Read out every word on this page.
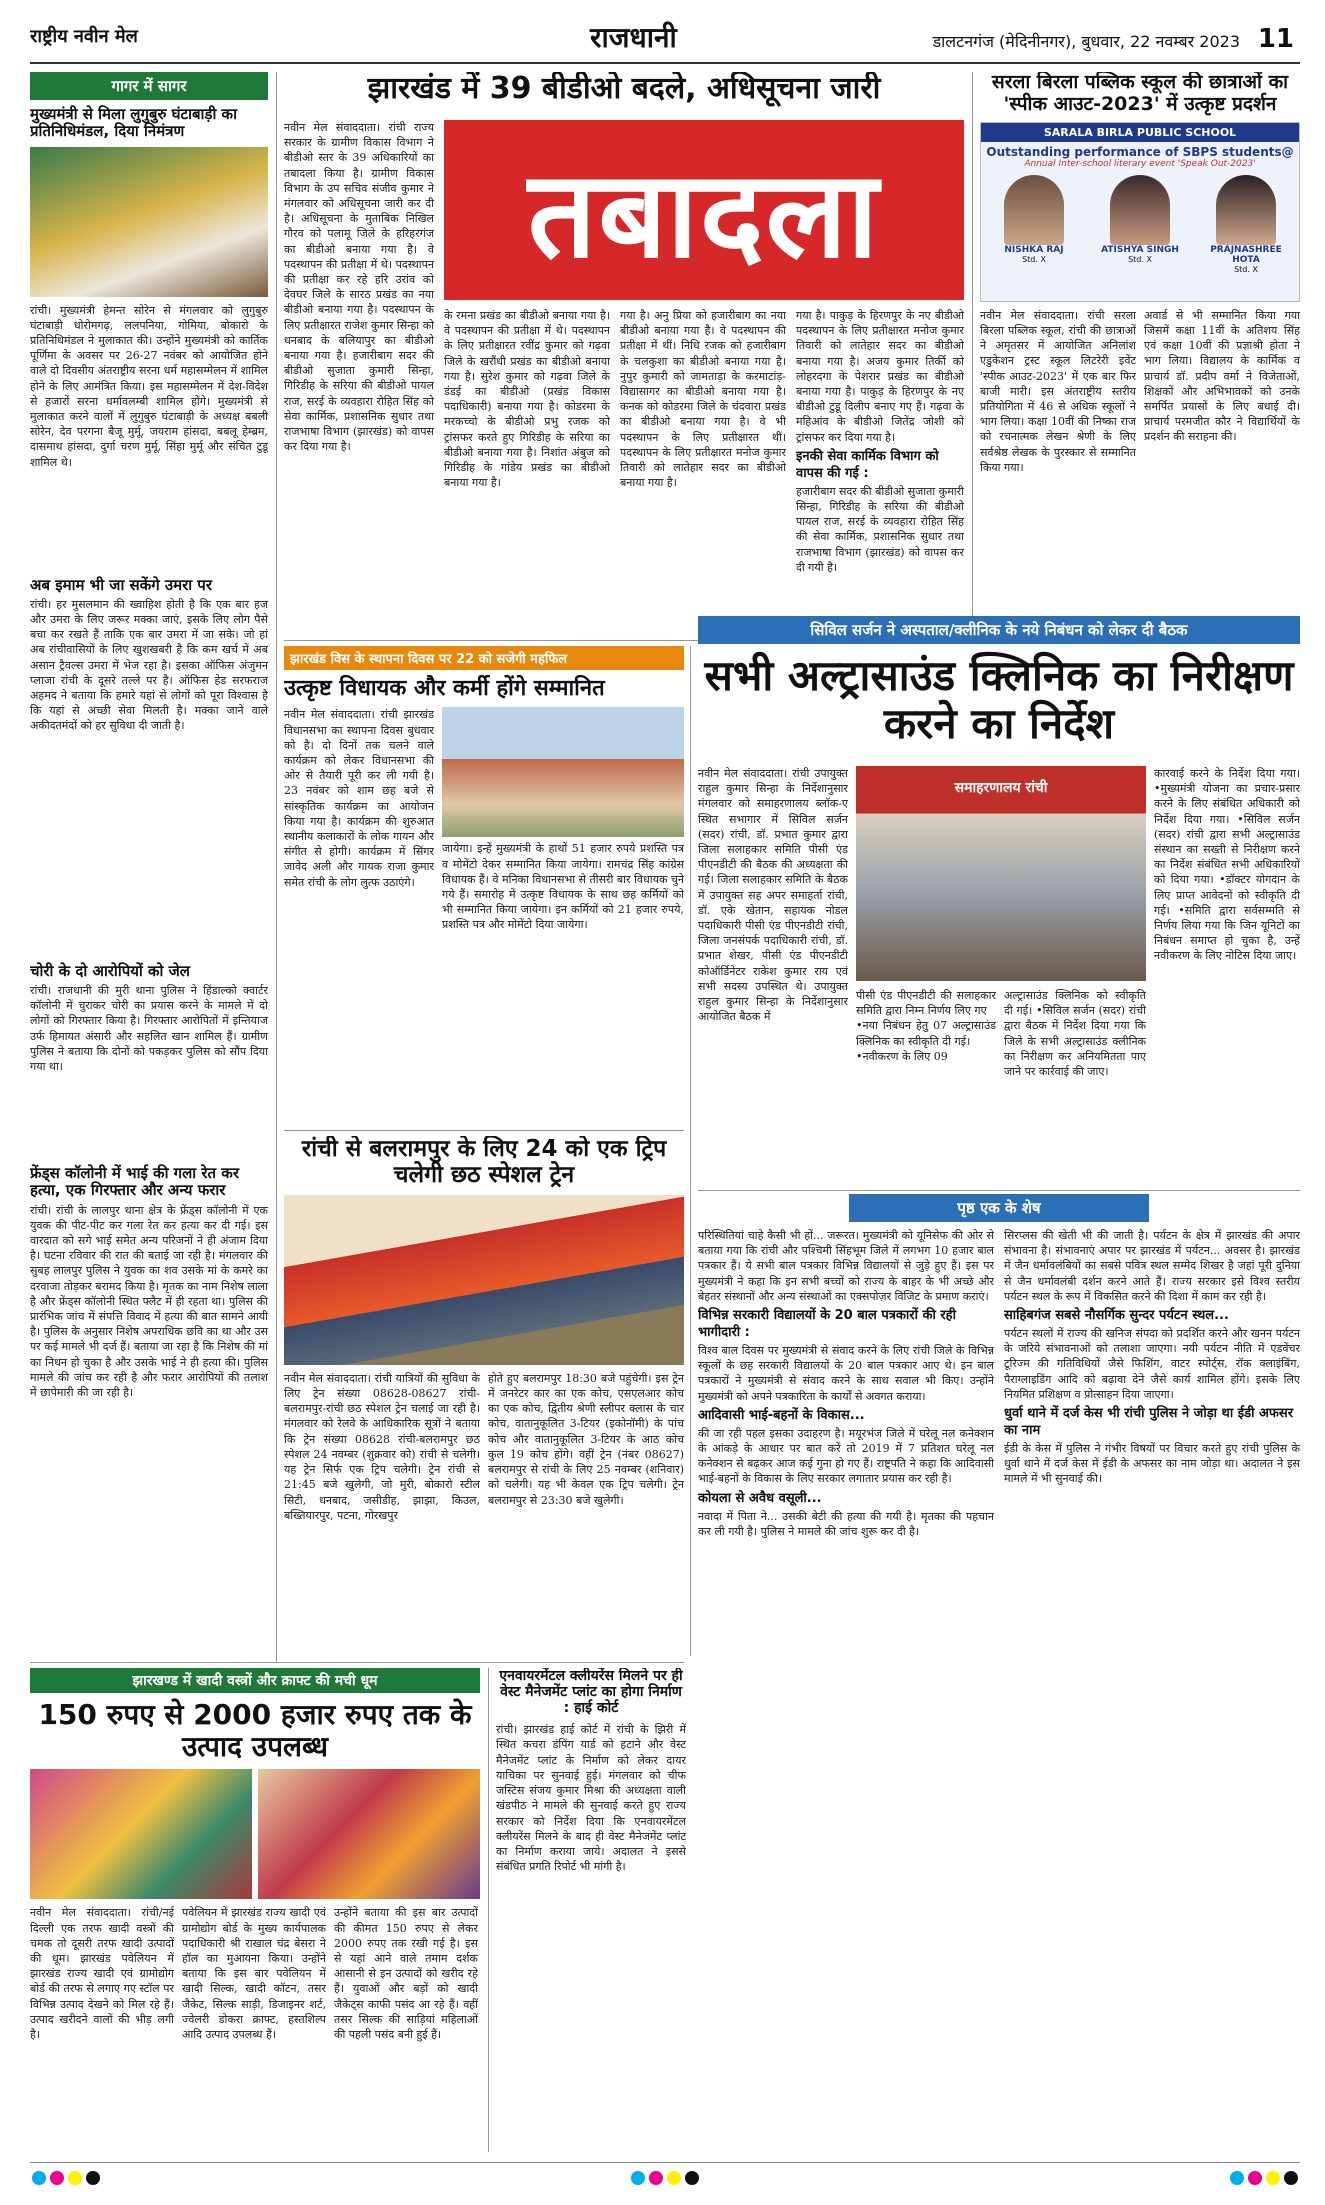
राष्ट्रीय नवीन मेल	राजधानी	डालटनगंज (मेदिनीनगर), बुधवार, 22 नवम्बर 2023 11
गागर में सागर
मुख्यमंत्री से मिला लुगुबुरु घंटाबाड़ी का प्रतिनिधिमंडल, दिया निमंत्रण
रांची। मुख्यमंत्री हेमन्त सोरेन से मंगलवार को लुगुबुरु घंटाबाड़ी धोरोमगढ़, ललपनिया, गोमिया, बोकारो के प्रतिनिधिमंडल ने मुलाकात की। उन्होंने मुख्यमंत्री को कार्तिक पूर्णिमा के अवसर पर 26-27 नवंबर को आयोजित होने वाले दो दिवसीय अंतराष्ट्रीय सरना धर्म महासम्मेलन में शामिल होने के लिए आमंत्रित किया। इस महासम्मेलन में देश-विदेश से हजारों सरना धर्मावलम्बी शामिल होंगे। मुख्यमंत्री से मुलाकात करने वालों में लुगुबुरु घंटाबाड़ी के अध्यक्ष बबली सोरेन, देव परगना बैजू मुर्मू, जयराम हांसदा, बबलू हेम्ब्रम, दासमाथ हांसदा, दुर्गा चरण मुर्मू, सिंहा मुर्मू और संचित टुडू शामिल थे।
अब इमाम भी जा सकेंगे उमरा पर
रांची। हर मुसलमान की ख्वाहिश होती है कि एक बार हज और उमरा के लिए जरूर मक्का जाएं, इसके लिए लोग पैसे बचा कर रखते हैं ताकि एक बार उमरा में जा सके। जो हां अब रांचीवासियों के लिए खुशखबरी है कि कम खर्च में अब असान ट्रैवल्स उमरा में भेज रहा है। इसका ऑफिस अंजुमन प्लाजा रांची के दूसरे तल्ले पर है। ऑफिस हेड सरफराज अहमद ने बताया कि हमारे यहां से लोगों को पूरा विश्वास है कि यहां से अच्छी सेवा मिलती है। मक्का जाने वाले अकीदतमंदों को हर सुविधा दी जाती है।
चोरी के दो आरोपियों को जेल
रांची। राजधानी की मुरी थाना पुलिस ने हिंडाल्को क्वार्टर कॉलोनी में चुराकर चोरी का प्रयास करने के मामले में दो लोगों को गिरफ्तार किया है। गिरफ्तार आरोपितों में इन्तियाज उर्फ हिमायत अंसारी और सहलित खान शामिल हैं। ग्रामीण पुलिस ने बताया कि दोनों को पकड़कर पुलिस को सौंप दिया गया था।
फ्रेंड्स कॉलोनी में भाई की गला रेत कर हत्या, एक गिरफ्तार और अन्य फरार
रांची। रांची के लालपुर थाना क्षेत्र के फ्रेंड्स कॉलोनी में एक युवक की पीट-पीट कर गला रेत कर हत्या कर दी गई। इस वारदात को सगे भाई समेत अन्य परिजनों ने ही अंजाम दिया है। घटना रविवार की रात की बताई जा रही है। मंगलवार की सुबह लालपुर पुलिस ने युवक का शव उसके मां के कमरे का दरवाजा तोड़कर बरामद किया है। मृतक का नाम निशेष लाला है और फ्रेंड्स कॉलोनी स्थित फ्लैट में ही रहता था। पुलिस की प्रारंभिक जांच में संपत्ति विवाद में हत्या की बात सामने आयी है। पुलिस के अनुसार निशेष अपराधिक छवि का था और उस पर कई मामले भी दर्ज हैं। बताया जा रहा है कि निशेष की मां का निधन हो चुका है और उसके भाई ने ही हत्या की। पुलिस मामले की जांच कर रही है और फरार आरोपियों की तलाश में छापेमारी की जा रही है।
झारखंड में 39 बीडीओ बदले, अधिसूचना जारी
नवीन मेल संवाददाता। रांची राज्य सरकार के ग्रामीण विकास विभाग ने बीडीओ स्तर के 39 अधिकारियों का तबादला किया है। ग्रामीण विकास विभाग के उप सचिव संजीव कुमार ने मंगलवार को अधिसूचना जारी कर दी है। अधिसूचना के मुताबिक निखिल गौरव को पलामू जिले के हरिहरगंज का बीडीओ बनाया गया है। वे पदस्थापन की प्रतीक्षा में थे। पदस्थापन की प्रतीक्षा कर रहे हरि उरांव को देवघर जिले के सारठ प्रखंड का नया बीडीओ बनाया गया है। पदस्थापन के लिए प्रतीक्षारत राजेश कुमार सिन्हा को धनबाद के बलियापुर का बीडीओ बनाया गया है। हजारीबाग सदर की बीडीओ सुजाता कुमारी सिन्हा, गिरिडीह के सरिया की बीडीओ पायल राज, सरई के व्यवहारा रोहित सिंह को सेवा कार्मिक, प्रशासनिक सुधार तथा राजभाषा विभाग (झारखंड) को वापस कर दिया गया है।
तबादला
के रमना प्रखंड का बीडीओ बनाया गया है। वे पदस्थापन की प्रतीक्षा में थे। पदस्थापन के लिए प्रतीक्षारत रवींद्र कुमार को गढ़वा जिले के खरौंधी प्रखंड का बीडीओ बनाया गया है। सुरेश कुमार को गढ़वा जिले के डंडई का बीडीओ (प्रखंड विकास पदाधिकारी) बनाया गया है। कोडरमा के मरकच्चो के बीडीओ प्रभु रजक को ट्रांसफर करते हुए गिरिडीह के सरिया का बीडीओ बनाया गया है। निशांत अंबुज को गिरिडीह के गांडेय प्रखंड का बीडीओ बनाया गया है।
गया है। अनु प्रिया को हजारीबाग का नया बीडीओ बनाया गया है। वे पदस्थापन की प्रतीक्षा में थीं। निधि रजक को हजारीबाग के चलकुशा का बीडीओ बनाया गया है। नुपुर कुमारी को जामताड़ा के करमाटांड़-विद्यासागर का बीडीओ बनाया गया है। कनक को कोडरमा जिले के चंदवारा प्रखंड का बीडीओ बनाया गया है। वे भी पदस्थापन के लिए प्रतीक्षारत थीं। पदस्थापन के लिए प्रतीक्षारत मनोज कुमार तिवारी को लातेहार सदर का बीडीओ बनाया गया है।
गया है। पाकुड़ के हिरणपुर के नए बीडीओ पदस्थापन के लिए प्रतीक्षारत मनोज कुमार तिवारी को लातेहार सदर का बीडीओ बनाया गया है। अजय कुमार तिर्की को लोहरदगा के पेशरार प्रखंड का बीडीओ बनाया गया है। पाकुड़ के हिरणपुर के नए बीडीओ टुडू दिलीप बनाए गए हैं। गढ़वा के महिआंव के बीडीओ जितेंद्र जोशी को ट्रांसफर कर दिया गया है।
इनकी सेवा कार्मिक विभाग को वापस की गई :
हजारीबाग सदर की बीडीओ सुजाता कुमारी सिन्हा, गिरिडीह के सरिया की बीडीओ पायल राज, सरई के व्यवहारा रोहित सिंह की सेवा कार्मिक, प्रशासनिक सुधार तथा राजभाषा विभाग (झारखंड) को वापस कर दी गयी है।
सरला बिरला पब्लिक स्कूल की छात्राओं का 'स्पीक आउट-2023' में उत्कृष्ट प्रदर्शन
SARALA BIRLA PUBLIC SCHOOL
Outstanding performance of SBPS students@
Annual Inter-school literary event 'Speak Out-2023'
NISHKA RAJ
Std. X
ATISHYA SINGH
Std. X
PRAJNASHREE HOTA
Std. X
नवीन मेल संवाददाता। रांची सरला बिरला पब्लिक स्कूल, रांची की छात्राओं ने अमृतसर में आयोजित अनिलांश एडुकेशन ट्रस्ट स्कूल लिटरेरी इवेंट 'स्पीक आउट-2023' में एक बार फिर बाजी मारी। इस अंतराष्ट्रीय स्तरीय प्रतियोगिता में 46 से अधिक स्कूलों ने भाग लिया। कक्षा 10वीं की निष्का राज को रचनात्मक लेखन श्रेणी के लिए सर्वश्रेष्ठ लेखक के पुरस्कार से सम्मानित किया गया।
अवार्ड से भी सम्मानित किया गया जिसमें कक्षा 11वीं के अतिशय सिंह एवं कक्षा 10वीं की प्रज्ञाश्री होता ने भाग लिया। विद्यालय के कार्मिक व प्राचार्य डॉ. प्रदीप वर्मा ने विजेताओं, शिक्षकों और अभिभावकों को उनके समर्पित प्रयासों के लिए बधाई दी। प्राचार्य परमजीत कौर ने विद्यार्थियों के प्रदर्शन की सराहना की।
झारखंड विस के स्थापना दिवस पर 22 को सजेगी महफिल
उत्कृष्ट विधायक और कर्मी होंगे सम्मानित
नवीन मेल संवाददाता। रांची झारखंड विधानसभा का स्थापना दिवस बुधवार को है। दो दिनों तक चलने वाले कार्यक्रम को लेकर विधानसभा की ओर से तैयारी पूरी कर ली गयी है। 23 नवंबर को शाम छह बजे से सांस्कृतिक कार्यक्रम का आयोजन किया गया है। कार्यक्रम की शुरुआत स्थानीय कलाकारों के लोक गायन और संगीत से होगी। कार्यक्रम में सिंगर जावेद अली और गायक राजा कुमार समेत रांची के लोग लुत्फ उठाएंगे।
जायेगा। इन्हें मुख्यमंत्री के हाथों 51 हजार रुपये प्रशस्ति पत्र व मोमेंटो देकर सम्मानित किया जायेगा। रामचंद्र सिंह कांग्रेस विधायक हैं। वे मनिका विधानसभा से तीसरी बार विधायक चुने गये हैं। समारोह में उत्कृष्ट विधायक के साथ छह कर्मियों को भी सम्मानित किया जायेगा। इन कर्मियों को 21 हजार रुपये, प्रशस्ति पत्र और मोमेंटो दिया जायेगा।
सिविल सर्जन ने अस्पताल/क्लीनिक के नये निबंधन को लेकर दी बैठक
सभी अल्ट्रासाउंड क्लिनिक का निरीक्षण करने का निर्देश
नवीन मेल संवाददाता। रांची उपायुक्त राहुल कुमार सिन्हा के निर्देशानुसार मंगलवार को समाहरणालय ब्लॉक-ए स्थित सभागार में सिविल सर्जन (सदर) रांची, डॉ. प्रभात कुमार द्वारा जिला सलाहकार समिति पीसी एंड पीएनडीटी की बैठक की अध्यक्षता की गई। जिला सलाहकार समिति के बैठक में उपायुक्त सह अपर समाहर्ता रांची, डॉ. एके खेतान, सहायक नोडल पदाधिकारी पीसी एंड पीएनडीटी रांची, जिला जनसंपर्क पदाधिकारी रांची, डॉ. प्रभात शेखर, पीसी एंड पीएनडीटी कोऑर्डिनेटर राकेश कुमार राय एवं सभी सदस्य उपस्थित थे। उपायुक्त राहुल कुमार सिन्हा के निर्देशानुसार आयोजित बैठक में
समाहरणालय रांची
पीसी एंड पीएनडीटी की सलाहकार समिति द्वारा निम्न निर्णय लिए गए
•नया निबंधन हेतु 07 अल्ट्रासाउंड क्लिनिक का स्वीकृति दी गई।
•नवीकरण के लिए 09
अल्ट्रासाउंड क्लिनिक को स्वीकृति दी गई। •सिविल सर्जन (सदर) रांची द्वारा बैठक में निर्देश दिया गया कि जिले के सभी अल्ट्रासाउंड क्लीनिक का निरीक्षण कर अनियमितता पाए जाने पर कार्रवाई की जाए।
कारवाई करने के निर्देश दिया गया। •मुख्यमंत्री योजना का प्रचार-प्रसार करने के लिए संबंधित अधिकारी को निर्देश दिया गया। •सिविल सर्जन (सदर) रांची द्वारा सभी अल्ट्रासाउंड संस्थान का सख्ती से निरीक्षण करने का निर्देश संबंधित सभी अधिकारियों को दिया गया। •डॉक्टर योगदान के लिए प्राप्त आवेदनों को स्वीकृति दी गई। •समिति द्वारा सर्वसम्मति से निर्णय लिया गया कि जिन यूनिटों का निबंधन समाप्त हो चुका है, उन्हें नवीकरण के लिए नोटिस दिया जाए।
रांची से बलरामपुर के लिए 24 को एक ट्रिप चलेगी छठ स्पेशल ट्रेन
नवीन मेल संवाददाता। रांची यात्रियों की सुविधा के लिए ट्रेन संख्या 08628-08627 रांची-बलरामपुर-रांची छठ स्पेशल ट्रेन चलाई जा रही है। मंगलवार को रेलवे के आधिकारिक सूत्रों ने बताया कि ट्रेन संख्या 08628 रांची-बलरामपुर छठ स्पेशल 24 नवम्बर (शुक्रवार को) रांची से चलेगी। यह ट्रेन सिर्फ एक ट्रिप चलेगी। ट्रेन रांची से 21:45 बजे खुलेगी, जो मुरी, बोकारो स्टील सिटी, धनबाद, जसीडीह, झाझा, किउल, बख्तियारपुर, पटना, गोरखपुर
होते हुए बलरामपुर 18:30 बजे पहुंचेगी। इस ट्रेन में जनरेटर कार का एक कोच, एसएलआर कोच का एक कोच, द्वितीय श्रेणी स्लीपर क्लास के चार कोच, वातानुकूलित 3-टियर (इकोनॉमी) के पांच कोच और वातानुकूलित 3-टियर के आठ कोच कुल 19 कोच होंगे। वहीं ट्रेन (नंबर 08627) बलरामपुर से रांची के लिए 25 नवम्बर (शनिवार) को चलेगी। यह भी केवल एक ट्रिप चलेगी। ट्रेन बलरामपुर से 23:30 बजे खुलेगी।
पृष्ठ एक के शेष
परिस्थितियां चाहे कैसी भी हों... जरूरत। मुख्यमंत्री को यूनिसेफ की ओर से बताया गया कि रांची और पश्चिमी सिंहभूम जिले में लगभग 10 हजार बाल पत्रकार हैं। ये सभी बाल पत्रकार विभिन्न विद्यालयों से जुड़े हुए हैं। इस पर मुख्यमंत्री ने कहा कि इन सभी बच्चों को राज्य के बाहर के भी अच्छे और बेहतर संस्थानों और अन्य संस्थाओं का एक्सपोज़र विजिट के प्रमाण कराएं।
विभिन्न सरकारी विद्यालयों के 20 बाल पत्रकारों की रही भागीदारी :
विश्व बाल दिवस पर मुख्यमंत्री से संवाद करने के लिए रांची जिले के विभिन्न स्कूलों के छह सरकारी विद्यालयों के 20 बाल पत्रकार आए थे। इन बाल पत्रकारों ने मुख्यमंत्री से संवाद करने के साथ सवाल भी किए। उन्होंने मुख्यमंत्री को अपने पत्रकारिता के कार्यों से अवगत कराया।
आदिवासी भाई-बहनों के विकास...
की जा रही पहल इसका उदाहरण है। मयूरभंज जिले में घरेलू नल कनेक्शन के आंकड़े के आधार पर बात करें तो 2019 में 7 प्रतिशत घरेलू नल कनेक्शन से बढ़कर आज कई गुना हो गए हैं। राष्ट्रपति ने कहा कि आदिवासी भाई-बहनों के विकास के लिए सरकार लगातार प्रयास कर रही है।
कोयला से अवैध वसूली...
नवादा में पिता ने... उसकी बेटी की हत्या की गयी है। मृतका की पहचान कर ली गयी है। पुलिस ने मामले की जांच शुरू कर दी है।
सिरप्लस की खेती भी की जाती है। पर्यटन के क्षेत्र में झारखंड की अपार संभावना है। संभावनाएं अपार पर झारखंड में पर्यटन... अवसर है। झारखंड में जैन धर्मावलंबियों का सबसे पवित्र स्थल सम्मेद शिखर है जहां पूरी दुनिया से जैन धर्मावलंबी दर्शन करने आते हैं। राज्य सरकार इसे विश्व स्तरीय पर्यटन स्थल के रूप में विकसित करने की दिशा में काम कर रही है।
साहिबगंज सबसे नौसर्गिक सुन्दर पर्यटन स्थल...
पर्यटन स्थलों में राज्य की खनिज संपदा को प्रदर्शित करने और खनन पर्यटन के जरिये संभावनाओं को तलाशा जाएगा। नयी पर्यटन नीति में एडवेंचर टूरिज्म की गतिविधियों जैसे फिशिंग, वाटर स्पोर्ट्स, रॉक क्लाइंबिंग, पैराग्लाइडिंग आदि को बढ़ावा देने जैसे कार्य शामिल होंगे। इसके लिए नियमित प्रशिक्षण व प्रोत्साहन दिया जाएगा।
धुर्वा थाने में दर्ज केस भी रांची पुलिस ने जोड़ा था ईडी अफसर का नाम
ईडी के केस में पुलिस ने गंभीर विषयों पर विचार करते हुए रांची पुलिस के धुर्वा थाने में दर्ज केस में ईडी के अफसर का नाम जोड़ा था। अदालत ने इस मामले में भी सुनवाई की।
झारखण्ड में खादी वस्त्रों और क्राफ्ट की मची धूम
150 रुपए से 2000 हजार रुपए तक के उत्पाद उपलब्ध
नवीन मेल संवाददाता। रांची/नई दिल्ली एक तरफ खादी वस्त्रों की चमक तो दूसरी तरफ खादी उत्पादों की धूम। झारखंड पवेलियन में झारखंड राज्य खादी एवं ग्रामोद्योग बोर्ड की तरफ से लगाए गए स्टॉल पर विभिन्न उत्पाद देखने को मिल रहे हैं। उत्पाद खरीदने वालों की भीड़ लगी है।
पवेलियन में झारखंड राज्य खादी एवं ग्रामोद्योग बोर्ड के मुख्य कार्यपालक पदाधिकारी श्री राखाल चंद्र बेसरा ने हॉल का मुआयना किया। उन्होंने बताया कि इस बार पवेलियन में खादी सिल्क, खादी कॉटन, तसर जैकेट, सिल्क साड़ी, डिजाइनर शर्ट, ज्वेलरी डोकरा क्राफ्ट, हस्तशिल्प आदि उत्पाद उपलब्ध हैं।
उन्होंने बताया की इस बार उत्पादों की कीमत 150 रुपए से लेकर 2000 रुपए तक रखी गई है। इस से यहां आने वाले तमाम दर्शक आसानी से इन उत्पादों को खरीद रहे हैं। युवाओं और बड़ों को खादी जैकेट्स काफी पसंद आ रहे हैं। वहीं तसर सिल्क की साड़ियां महिलाओं की पहली पसंद बनी हुई हैं।
एनवायरमेंटल क्लीयरेंस मिलने पर ही वेस्ट मैनेजमेंट प्लांट का होगा निर्माण : हाई कोर्ट
रांची। झारखंड हाई कोर्ट में रांची के झिरी में स्थित कचरा डंपिंग यार्ड को हटाने और वेस्ट मैनेजमेंट प्लांट के निर्माण को लेकर दायर याचिका पर सुनवाई हुई। मंगलवार को चीफ जस्टिस संजय कुमार मिश्रा की अध्यक्षता वाली खंडपीठ ने मामले की सुनवाई करते हुए राज्य सरकार को निर्देश दिया कि एनवायरमेंटल क्लीयरेंस मिलने के बाद ही वेस्ट मैनेजमेंट प्लांट का निर्माण कराया जाये। अदालत ने इससे संबंधित प्रगति रिपोर्ट भी मांगी है।
